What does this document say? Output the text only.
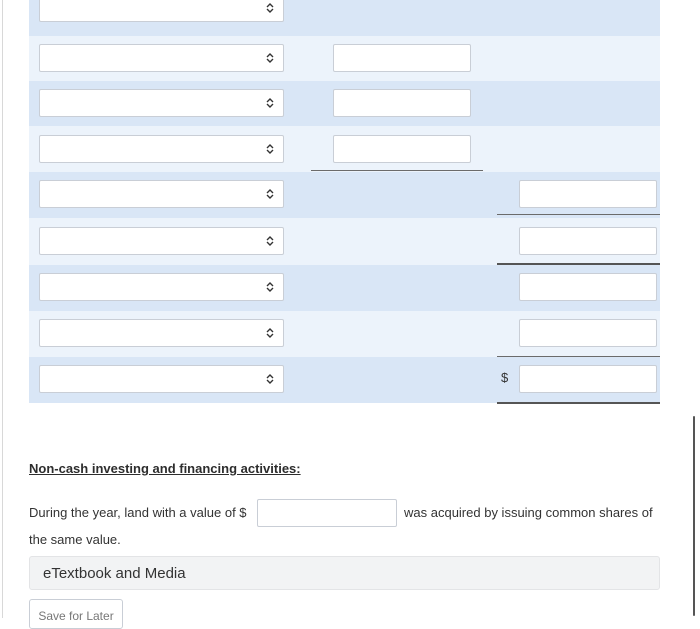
$
Non-cash investing and financing activities:
During the year, land with a value of $	was acquired by issuing common shares of
the same value.
eTextbook and Media
Save for Later
